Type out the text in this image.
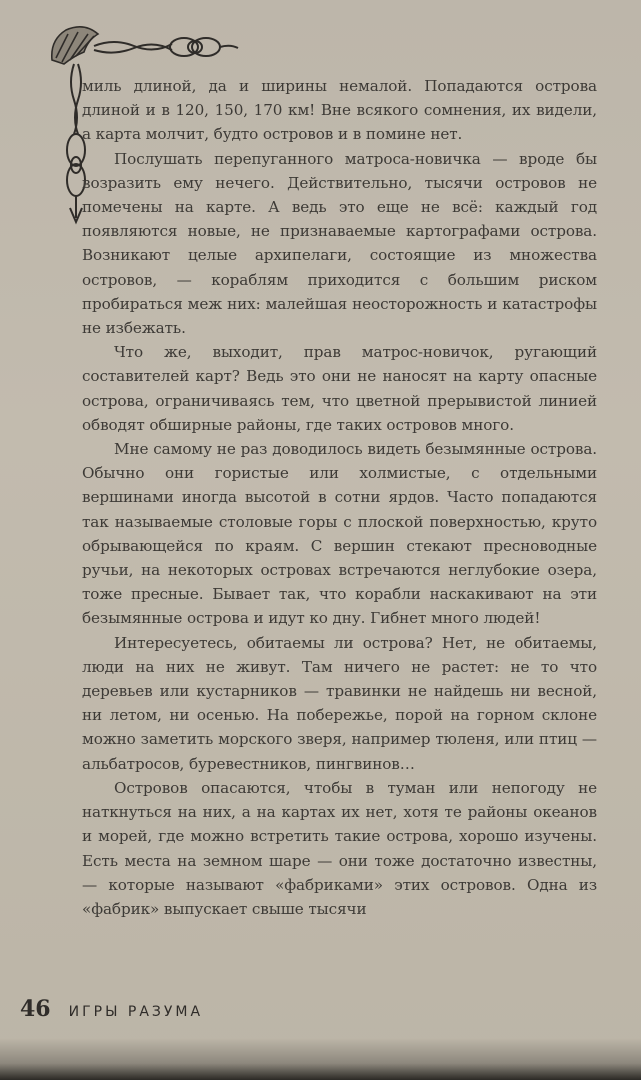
миль длиной, да и ширины немалой. Попадаются острова длиной и в 120, 150, 170 км! Вне всякого сомнения, их видели, а карта молчит, будто островов и в помине нет.

Послушать перепуганного матроса-новичка — вроде бы возразить ему нечего. Действительно, тысячи островов не помечены на карте. А ведь это еще не всё: каждый год появляются новые, не признаваемые картографами острова. Возникают целые архипелаги, состоящие из множества островов, — кораблям приходится с большим риском пробираться меж них: малейшая неосторожность и катастрофы не избежать.

Что же, выходит, прав матрос-новичок, ругающий составителей карт? Ведь это они не наносят на карту опасные острова, ограничиваясь тем, что цветной прерывистой линией обводят обширные районы, где таких островов много.

Мне самому не раз доводилось видеть безымянные острова. Обычно они гористые или холмистые, с отдельными вершинами иногда высотой в сотни ярдов. Часто попадаются так называемые столовые горы с плоской поверхностью, круто обрывающейся по краям. С вершин стекают пресноводные ручьи, на некоторых островах встречаются неглубокие озера, тоже пресные. Бывает так, что корабли наскакивают на эти безымянные острова и идут ко дну. Гибнет много людей!

Интересуетесь, обитаемы ли острова? Нет, не обитаемы, люди на них не живут. Там ничего не растет: не то что деревьев или кустарников — травинки не найдешь ни весной, ни летом, ни осенью. На побережье, порой на горном склоне можно заметить морского зверя, например тюленя, или птиц — альбатросов, буревестников, пингвинов…

Островов опасаются, чтобы в туман или непогоду не наткнуться на них, а на картах их нет, хотя те районы океанов и морей, где можно встретить такие острова, хорошо изучены. Есть места на земном шаре — они тоже достаточно известны, — которые называют «фабриками» этих островов. Одна из «фабрик» выпускает свыше тысячи

46 ИГРЫ РАЗУМА
